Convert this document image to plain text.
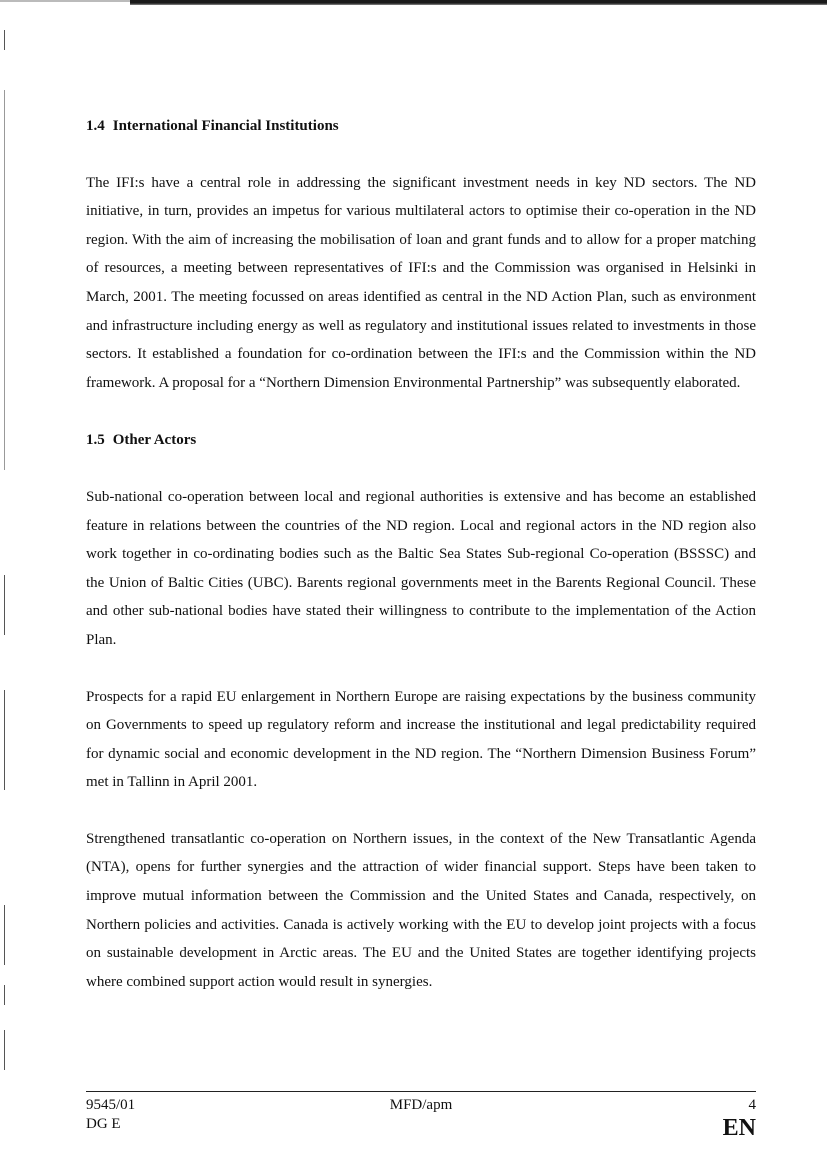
1.4 International Financial Institutions

The IFI:s have a central role in addressing the significant investment needs in key ND sectors. The ND initiative, in turn, provides an impetus for various multilateral actors to optimise their co-operation in the ND region. With the aim of increasing the mobilisation of loan and grant funds and to allow for a proper matching of resources, a meeting between representatives of IFI:s and the Commission was organised in Helsinki in March, 2001. The meeting focussed on areas identified as central in the ND Action Plan, such as environment and infrastructure including energy as well as regulatory and institutional issues related to investments in those sectors. It established a foundation for co-ordination between the IFI:s and the Commission within the ND framework. A proposal for a “Northern Dimension Environmental Partnership” was subsequently elaborated.

1.5 Other Actors

Sub-national co-operation between local and regional authorities is extensive and has become an established feature in relations between the countries of the ND region. Local and regional actors in the ND region also work together in co-ordinating bodies such as the Baltic Sea States Sub-regional Co-operation (BSSSC) and the Union of Baltic Cities (UBC). Barents regional governments meet in the Barents Regional Council. These and other sub-national bodies have stated their willingness to contribute to the implementation of the Action Plan.

Prospects for a rapid EU enlargement in Northern Europe are raising expectations by the business community on Governments to speed up regulatory reform and increase the institutional and legal predictability required for dynamic social and economic development in the ND region. The “Northern Dimension Business Forum” met in Tallinn in April 2001.

Strengthened transatlantic co-operation on Northern issues, in the context of the New Transatlantic Agenda (NTA), opens for further synergies and the attraction of wider financial support. Steps have been taken to improve mutual information between the Commission and the United States and Canada, respectively, on Northern policies and activities. Canada is actively working with the EU to develop joint projects with a focus on sustainable development in Arctic areas. The EU and the United States are together identifying projects where combined support action would result in synergies.

9545/01
DG E
MFD/apm	4
EN
